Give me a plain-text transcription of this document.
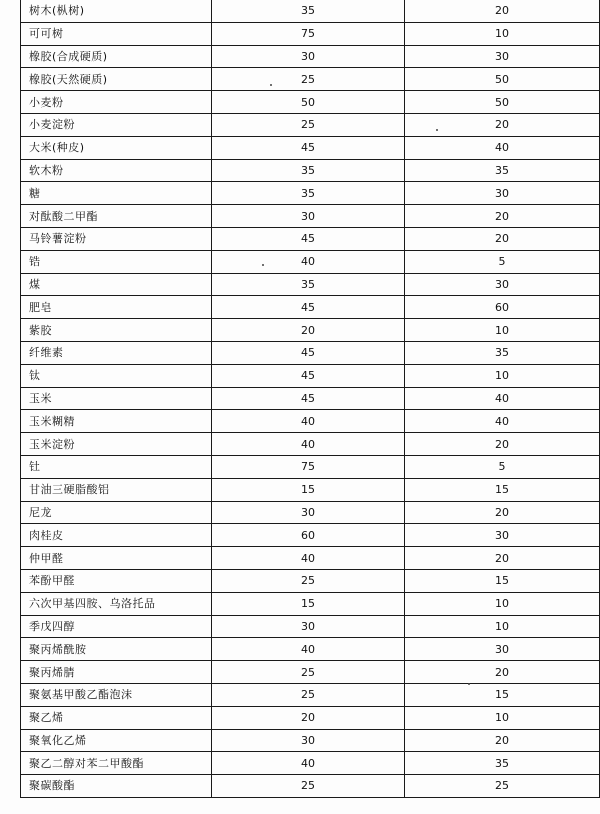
树木(枞树)	35	20
可可树	75	10
橡胶(合成硬质)	30	30
橡胶(天然硬质)	25	50
小麦粉	50	50
小麦淀粉	25	20
大米(种皮)	45	40
软木粉	35	35
糖	35	30
对酞酸二甲酯	30	20
马铃薯淀粉	45	20
锆	40	5
煤	35	30
肥皂	45	60
紫胶	20	10
纤维素	45	35
钛	45	10
玉米	45	40
玉米糊精	40	40
玉米淀粉	40	20
钍	75	5
甘油三硬脂酸铝	15	15
尼龙	30	20
肉桂皮	60	30
仲甲醛	40	20
苯酚甲醛	25	15
六次甲基四胺、乌洛托品	15	10
季戊四醇	30	10
聚丙烯酰胺	40	30
聚丙烯腈	25	20
聚氨基甲酸乙酯泡沫	25	15
聚乙烯	20	10
聚氧化乙烯	30	20
聚乙二醇对苯二甲酸酯	40	35
聚碳酸酯	25	25
